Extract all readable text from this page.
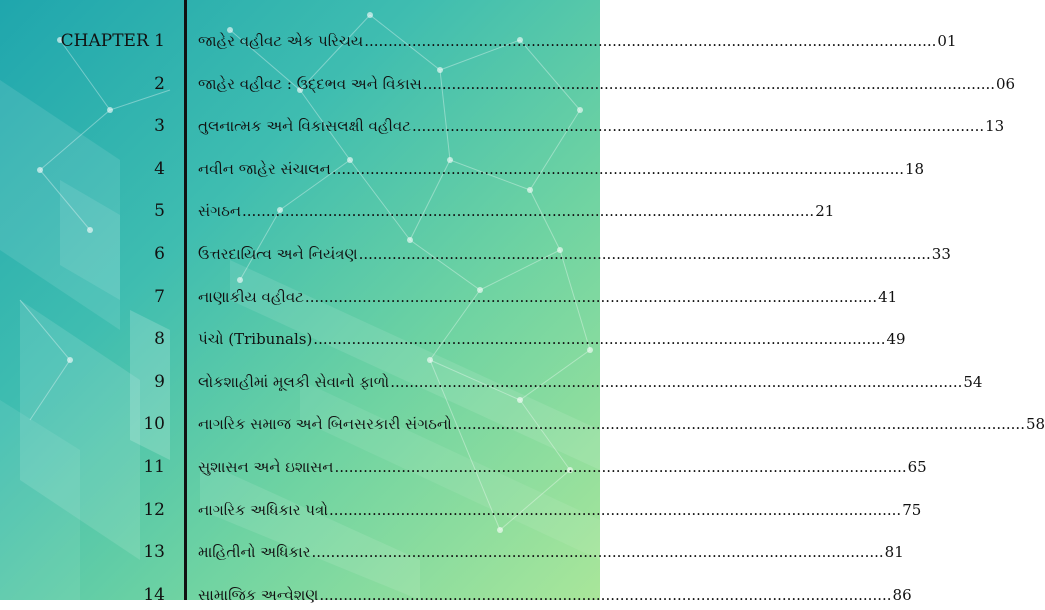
CHAPTER 1 જાહેર વહીવટ એક પરિચય ........................................................................................................................ 01
2 જાહેર વહીવટ : ઉદ્દભવ અને વિકાસ ........................................................................................................................ 06
3 તુલનાત્મક અને વિકાસલક્ષી વહીવટ ........................................................................................................................ 13
4 નવીન જાહેર સંચાલન ........................................................................................................................ 18
5 સંગઠન ........................................................................................................................ 21
6 ઉત્તરદાયિત્વ અને નિયંત્રણ ........................................................................................................................ 33
7 નાણાકીય વહીવટ ........................................................................................................................ 41
8 પંચો (Tribunals) ........................................................................................................................ 49
9 લોકશાહીમાં મૂલકી સેવાનો ફાળો ........................................................................................................................ 54
10 નાગરિક સમાજ અને બિનસરકારી સંગઠનો ........................................................................................................................ 58
11 સુશાસન અને ઇશાસન ........................................................................................................................ 65
12 નાગરિક અધિકાર પત્રો ........................................................................................................................ 75
13 માહિતીનો અધિકાર ........................................................................................................................ 81
14 સામાજિક અન્વેશણ ........................................................................................................................ 86
